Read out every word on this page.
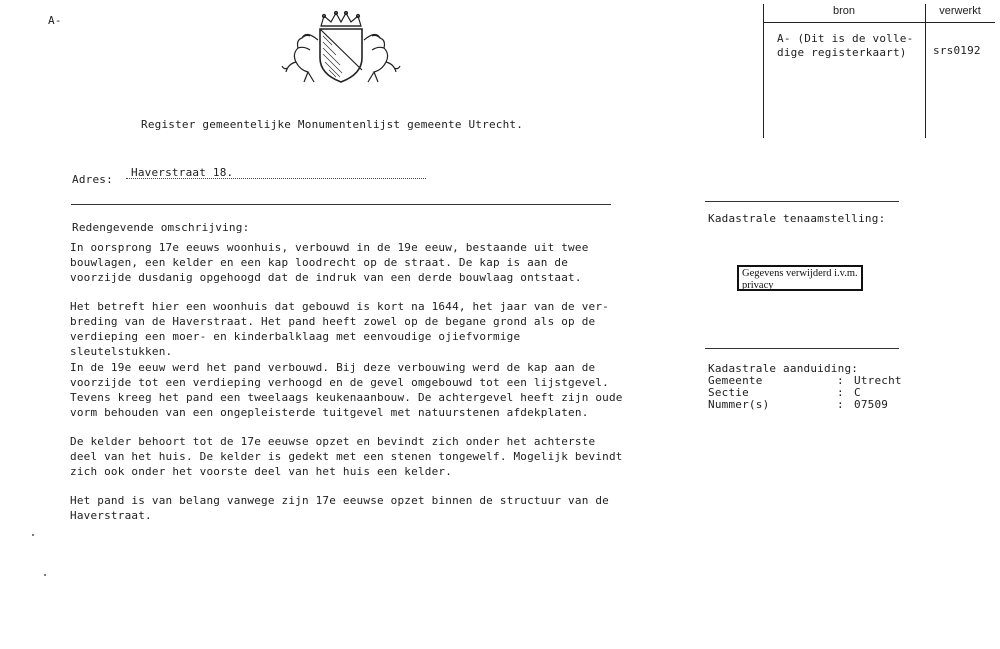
A-
Register gemeentelijke Monumentenlijst gemeente Utrecht.
Adres:
Haverstraat 18.
Redengevende omschrijving:

In oorsprong 17e eeuws woonhuis, verbouwd in de 19e eeuw, bestaande uit twee
bouwlagen, een kelder en een kap loodrecht op de straat. De kap is aan de
voorzijde dusdanig opgehoogd dat de indruk van een derde bouwlaag ontstaat.

Het betreft hier een woonhuis dat gebouwd is kort na 1644, het jaar van de ver-
breding van de Haverstraat. Het pand heeft zowel op de begane grond als op de
verdieping een moer- en kinderbalklaag met eenvoudige ojiefvormige
sleutelstukken.

In de 19e eeuw werd het pand verbouwd. Bij deze verbouwing werd de kap aan de
voorzijde tot een verdieping verhoogd en de gevel omgebouwd tot een lijstgevel.
Tevens kreeg het pand een tweelaags keukenaanbouw. De achtergevel heeft zijn oude
vorm behouden van een ongepleisterde tuitgevel met natuurstenen afdekplaten.

De kelder behoort tot de 17e eeuwse opzet en bevindt zich onder het achterste
deel van het huis. De kelder is gedekt met een stenen tongewelf. Mogelijk bevindt
zich ook onder het voorste deel van het huis een kelder.

Het pand is van belang vanwege zijn 17e eeuwse opzet binnen de structuur van de
Haverstraat.

bron	verwerkt
A- (Dit is de volle-
dige registerkaart)	srs0192
Kadastrale tenaamstelling:
Gegevens verwijderd i.v.m. privacy
Kadastrale aanduiding:
Gemeente	: Utrecht
Sectie	: C
Nummer(s)	: 07509
